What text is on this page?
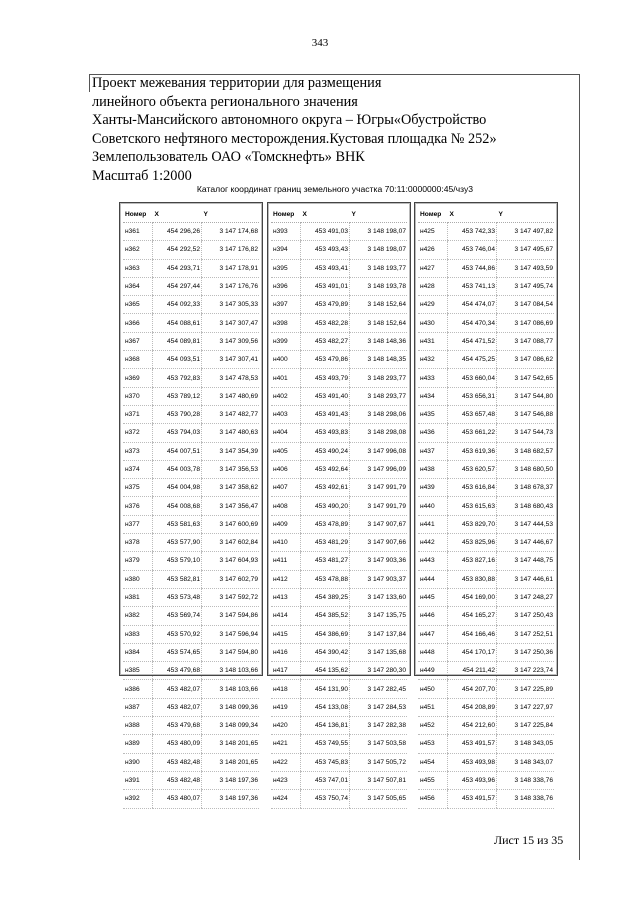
343
Проект межевания территории для размещения
линейного объекта регионального значения
Ханты-Мансийского автономного округа – Югры«Обустройство
Советского нефтяного месторождения.Кустовая площадка № 252»
Землепользователь ОАО «Томскнефть» ВНК
Масштаб 1:2000
Каталог координат границ земельного участка 70:11:0000000:45/чзу3
Номер	X	Y
н361	454 296,26	3 147 174,68
н362	454 292,52	3 147 176,82
н363	454 293,71	3 147 178,91
н364	454 297,44	3 147 176,76
н365	454 092,33	3 147 305,33
н366	454 088,61	3 147 307,47
н367	454 089,81	3 147 309,56
н368	454 093,51	3 147 307,41
н369	453 792,83	3 147 478,53
н370	453 789,12	3 147 480,69
н371	453 790,28	3 147 482,77
н372	453 794,03	3 147 480,63
н373	454 007,51	3 147 354,39
н374	454 003,78	3 147 356,53
н375	454 004,98	3 147 358,62
н376	454 008,68	3 147 356,47
н377	453 581,63	3 147 600,69
н378	453 577,90	3 147 602,84
н379	453 579,10	3 147 604,93
н380	453 582,81	3 147 602,79
н381	453 573,48	3 147 592,72
н382	453 569,74	3 147 594,86
н383	453 570,92	3 147 596,94
н384	453 574,65	3 147 594,80
н385	453 479,68	3 148 103,66
н386	453 482,07	3 148 103,66
н387	453 482,07	3 148 099,36
н388	453 479,68	3 148 099,34
н389	453 480,09	3 148 201,65
н390	453 482,48	3 148 201,65
н391	453 482,48	3 148 197,36
н392	453 480,07	3 148 197,36
Номер	X	Y
н393	453 491,03	3 148 198,07
н394	453 493,43	3 148 198,07
н395	453 493,41	3 148 193,77
н396	453 491,01	3 148 193,78
н397	453 479,89	3 148 152,64
н398	453 482,28	3 148 152,64
н399	453 482,27	3 148 148,36
н400	453 479,86	3 148 148,35
н401	453 493,79	3 148 293,77
н402	453 491,40	3 148 293,77
н403	453 491,43	3 148 298,06
н404	453 493,83	3 148 298,08
н405	453 490,24	3 147 996,08
н406	453 492,64	3 147 996,09
н407	453 492,61	3 147 991,79
н408	453 490,20	3 147 991,79
н409	453 478,89	3 147 907,67
н410	453 481,29	3 147 907,66
н411	453 481,27	3 147 903,36
н412	453 478,88	3 147 903,37
н413	454 389,25	3 147 133,60
н414	454 385,52	3 147 135,75
н415	454 386,69	3 147 137,84
н416	454 390,42	3 147 135,68
н417	454 135,62	3 147 280,30
н418	454 131,90	3 147 282,45
н419	454 133,08	3 147 284,53
н420	454 136,81	3 147 282,38
н421	453 749,55	3 147 503,58
н422	453 745,83	3 147 505,72
н423	453 747,01	3 147 507,81
н424	453 750,74	3 147 505,65
Номер	X	Y
н425	453 742,33	3 147 497,82
н426	453 746,04	3 147 495,67
н427	453 744,86	3 147 493,59
н428	453 741,13	3 147 495,74
н429	454 474,07	3 147 084,54
н430	454 470,34	3 147 086,69
н431	454 471,52	3 147 088,77
н432	454 475,25	3 147 086,62
н433	453 660,04	3 147 542,65
н434	453 656,31	3 147 544,80
н435	453 657,48	3 147 546,88
н436	453 661,22	3 147 544,73
н437	453 619,36	3 148 682,57
н438	453 620,57	3 148 680,50
н439	453 616,84	3 148 678,37
н440	453 615,63	3 148 680,43
н441	453 829,70	3 147 444,53
н442	453 825,96	3 147 446,67
н443	453 827,16	3 147 448,75
н444	453 830,88	3 147 446,61
н445	454 169,00	3 147 248,27
н446	454 165,27	3 147 250,43
н447	454 166,46	3 147 252,51
н448	454 170,17	3 147 250,36
н449	454 211,42	3 147 223,74
н450	454 207,70	3 147 225,89
н451	454 208,89	3 147 227,97
н452	454 212,60	3 147 225,84
н453	453 491,57	3 148 343,05
н454	453 493,98	3 148 343,07
н455	453 493,96	3 148 338,76
н456	453 491,57	3 148 338,76
Лист 15 из 35
